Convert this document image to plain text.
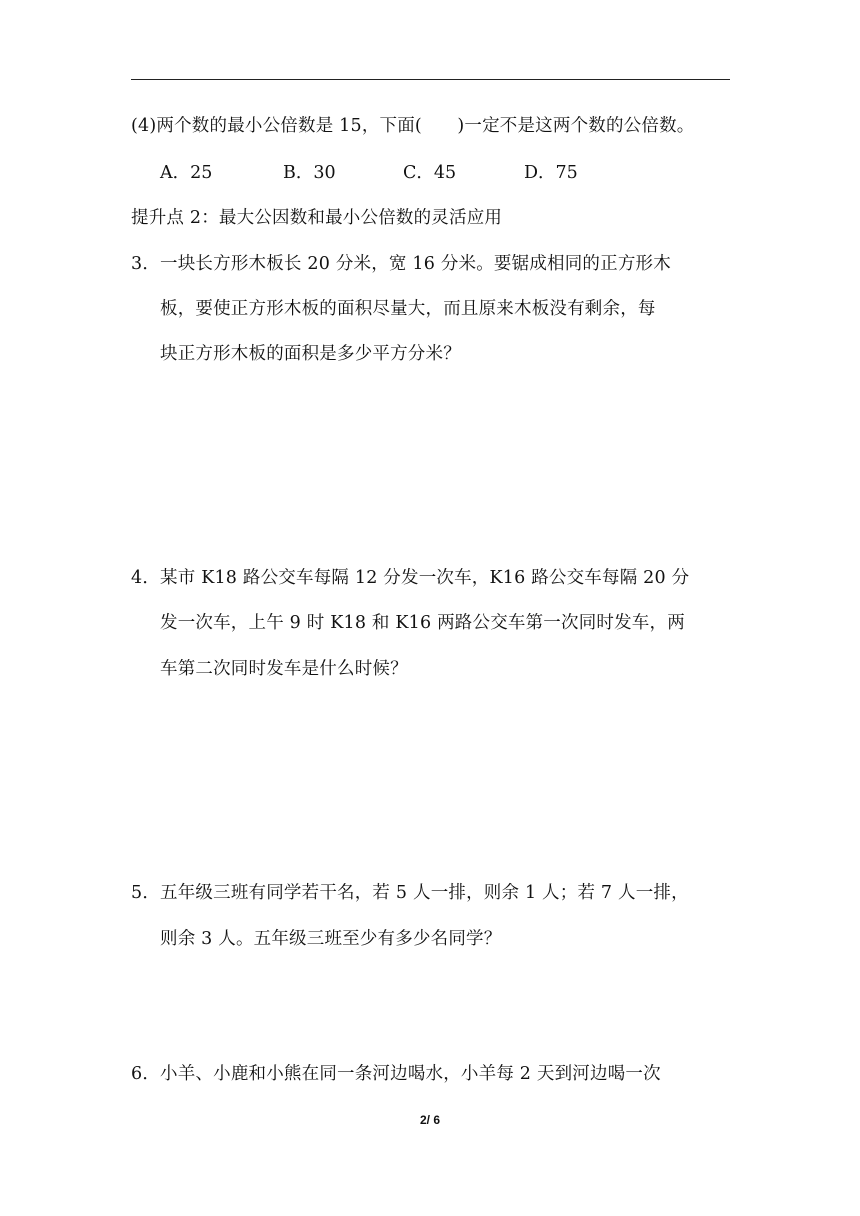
(4)两个数的最小公倍数是 15，下面(　　)一定不是这两个数的公倍数。
A．25	B．30	C．45	D．75
提升点 2：最大公因数和最小公倍数的灵活应用
3．一块长方形木板长 20 分米，宽 16 分米。要锯成相同的正方形木
板，要使正方形木板的面积尽量大，而且原来木板没有剩余，每
块正方形木板的面积是多少平方分米？
4．某市 K18 路公交车每隔 12 分发一次车，K16 路公交车每隔 20 分
发一次车，上午 9 时 K18 和 K16 两路公交车第一次同时发车，两
车第二次同时发车是什么时候？
5．五年级三班有同学若干名，若 5 人一排，则余 1 人；若 7 人一排，
则余 3 人。五年级三班至少有多少名同学？
6．小羊、小鹿和小熊在同一条河边喝水，小羊每 2 天到河边喝一次
2/ 6
